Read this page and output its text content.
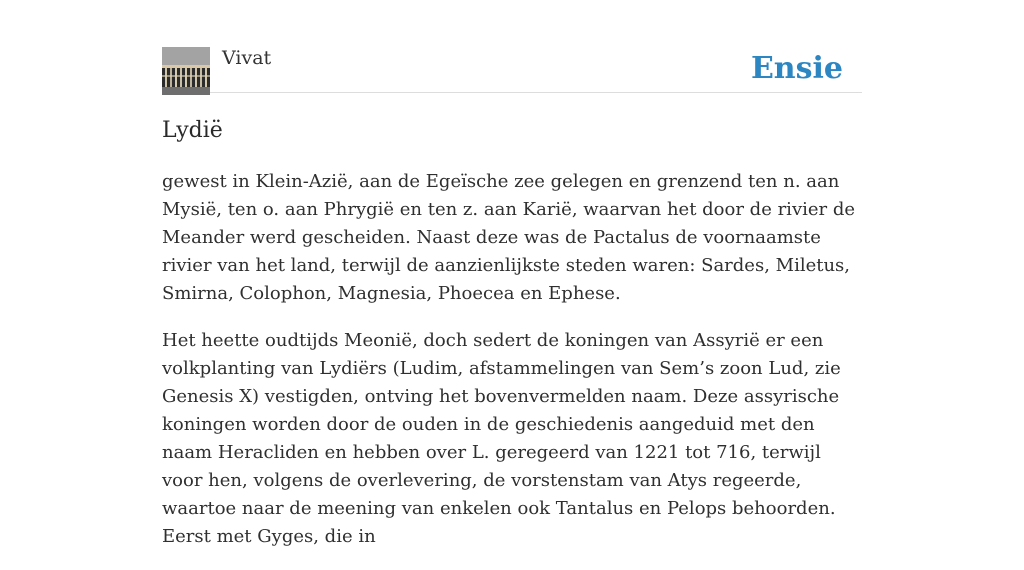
Vivat	Ensie
Lydië

gewest in Klein-Azië, aan de Egeïsche zee gelegen en grenzend ten n. aan Mysië, ten o. aan Phrygië en ten z. aan Karië, waarvan het door de rivier de Meander werd gescheiden. Naast deze was de Pactalus de voornaamste rivier van het land, terwijl de aanzienlijkste steden waren: Sardes, Miletus, Smirna, Colophon, Magnesia, Phoecea en Ephese.

Het heette oudtijds Meonië, doch sedert de koningen van Assyrië er een volkplanting van Lydiërs (Ludim, afstammelingen van Sem’s zoon Lud, zie Genesis X) vestigden, ontving het bovenvermelden naam. Deze assyrische koningen worden door de ouden in de geschiedenis aangeduid met den naam Heracliden en hebben over L. geregeerd van 1221 tot 716, terwijl voor hen, volgens de overlevering, de vorstenstam van Atys regeerde, waartoe naar de meening van enkelen ook Tantalus en Pelops behoorden. Eerst met Gyges, die in
